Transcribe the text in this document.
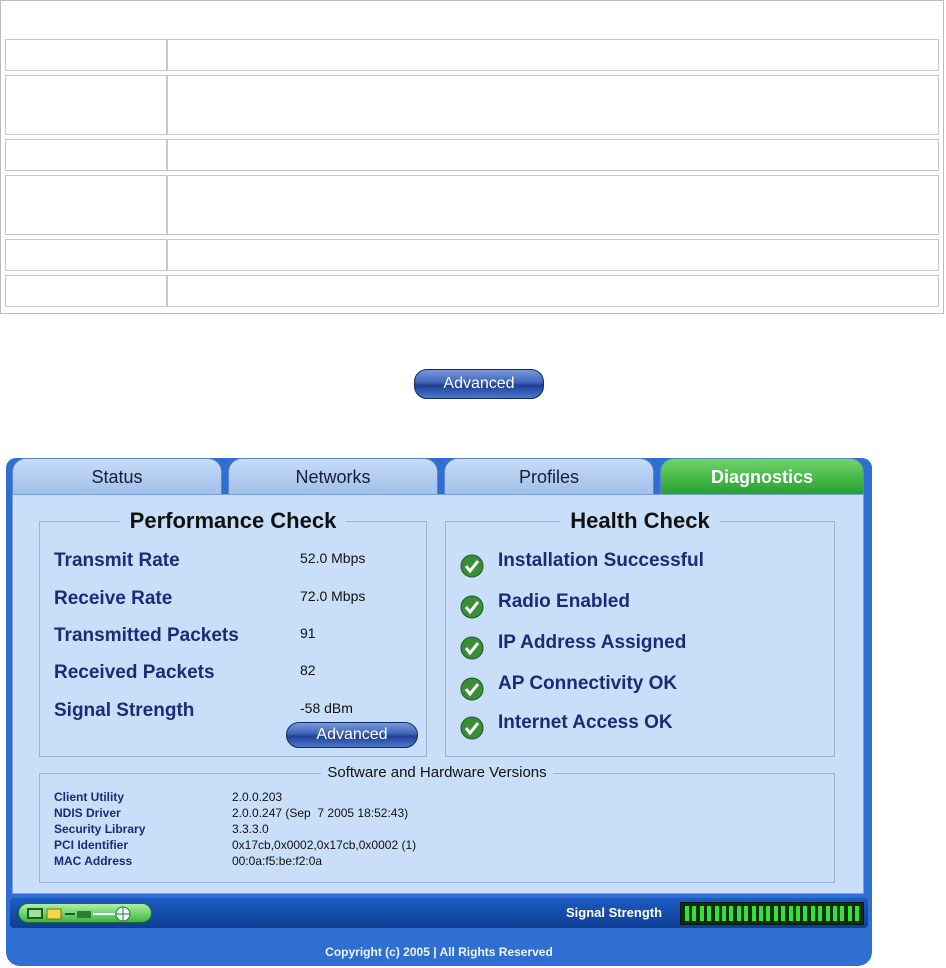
Advanced
Status	Networks	Profiles	Diagnostics
Performance Check
Transmit Rate	52.0 Mbps
Receive Rate	72.0 Mbps
Transmitted Packets	91
Received Packets	82
Signal Strength	-58 dBm
Advanced
Health Check
Installation Successful
Radio Enabled
IP Address Assigned
AP Connectivity OK
Internet Access OK
Software and Hardware Versions
Client Utility	2.0.0.203
NDIS Driver	2.0.0.247 (Sep  7 2005 18:52:43)
Security Library	3.3.3.0
PCI Identifier	0x17cb,0x0002,0x17cb,0x0002 (1)
MAC Address	00:0a:f5:be:f2:0a
Signal Strength
Copyright (c) 2005 | All Rights Reserved
